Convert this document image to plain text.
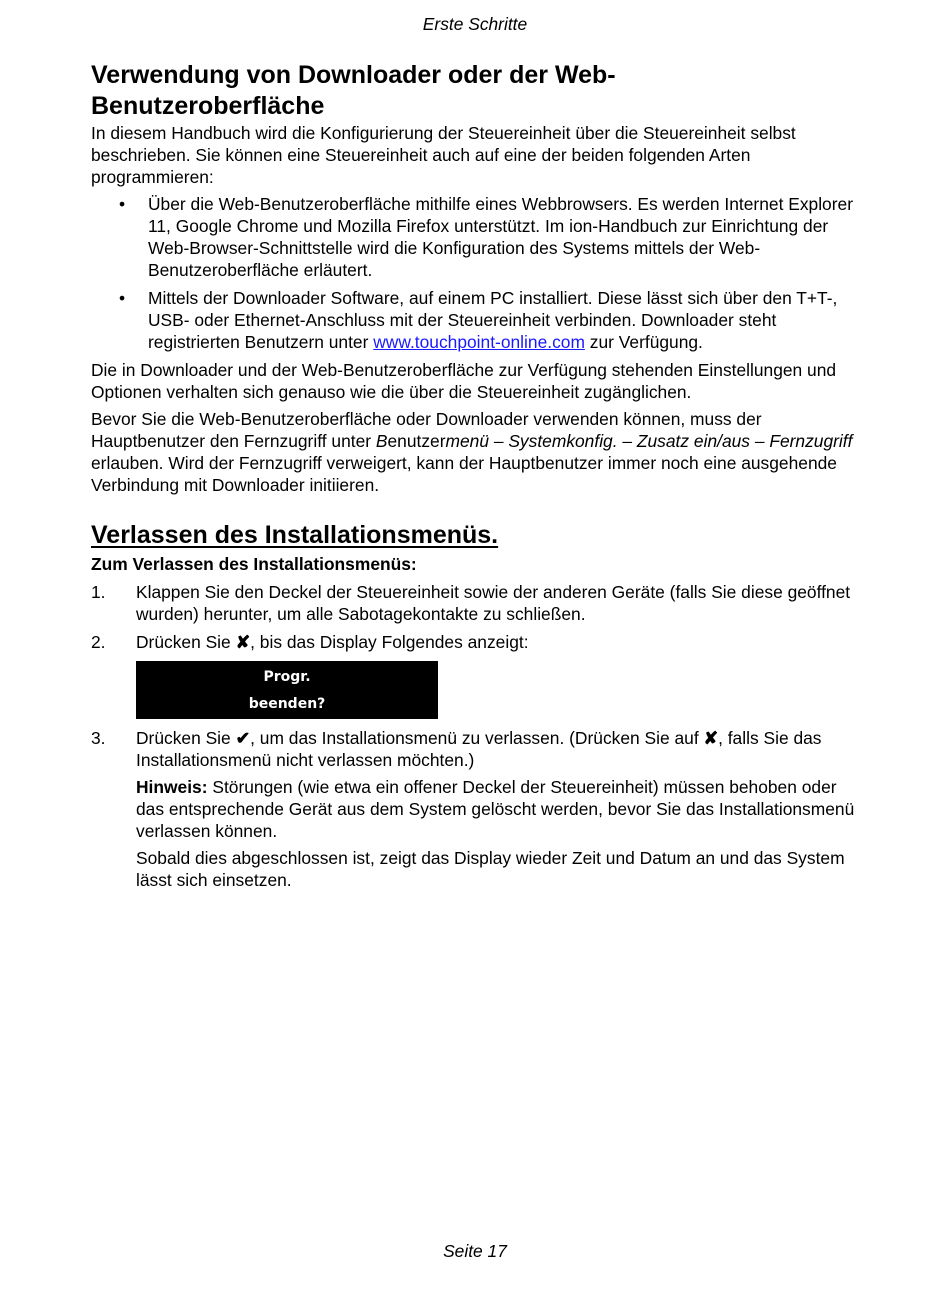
Erste Schritte
Verwendung von Downloader oder der Web-
Benutzeroberfläche

In diesem Handbuch wird die Konfigurierung der Steuereinheit über die Steuereinheit selbst beschrieben. Sie können eine Steuereinheit auch auf eine der beiden folgenden Arten programmieren:

• Über die Web-Benutzeroberfläche mithilfe eines Webbrowsers. Es werden Internet Explorer 11, Google Chrome und Mozilla Firefox unterstützt. Im ion-Handbuch zur Einrichtung der Web-Browser-Schnittstelle wird die Konfiguration des Systems mittels der Web-Benutzeroberfläche erläutert.
• Mittels der Downloader Software, auf einem PC installiert. Diese lässt sich über den T+T-, USB- oder Ethernet-Anschluss mit der Steuereinheit verbinden. Downloader steht registrierten Benutzern unter www.touchpoint-online.com zur Verfügung.

Die in Downloader und der Web-Benutzeroberfläche zur Verfügung stehenden Einstellungen und Optionen verhalten sich genauso wie die über die Steuereinheit zugänglichen.

Bevor Sie die Web-Benutzeroberfläche oder Downloader verwenden können, muss der Hauptbenutzer den Fernzugriff unter Benutzermenü – Systemkonfig. – Zusatz ein/aus – Fernzugriff erlauben. Wird der Fernzugriff verweigert, kann der Hauptbenutzer immer noch eine ausgehende Verbindung mit Downloader initiieren.

Verlassen des Installationsmenüs.
Zum Verlassen des Installationsmenüs:
1. Klappen Sie den Deckel der Steuereinheit sowie der anderen Geräte (falls Sie diese geöffnet wurden) herunter, um alle Sabotagekontakte zu schließen.
2. Drücken Sie ✘, bis das Display Folgendes anzeigt:
Progr.
beenden?
3. Drücken Sie ✔, um das Installationsmenü zu verlassen. (Drücken Sie auf ✘, falls Sie das Installationsmenü nicht verlassen möchten.)

Hinweis: Störungen (wie etwa ein offener Deckel der Steuereinheit) müssen behoben oder das entsprechende Gerät aus dem System gelöscht werden, bevor Sie das Installationsmenü verlassen können.

Sobald dies abgeschlossen ist, zeigt das Display wieder Zeit und Datum an und das System lässt sich einsetzen.

Seite 17
